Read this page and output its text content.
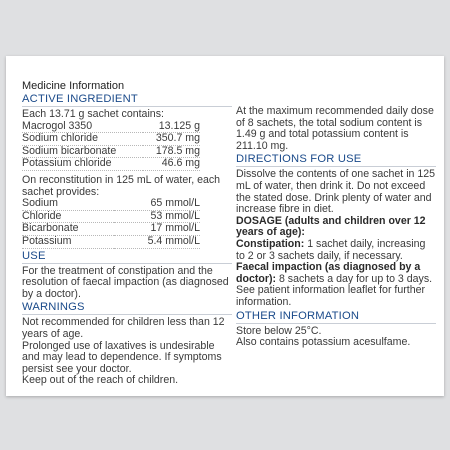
Medicine Information

ACTIVE INGREDIENT

Each 13.71 g sachet contains:

Macrogol 3350	13.125 g
Sodium chloride	350.7 mg
Sodium bicarbonate	178.5 mg
Potassium chloride	46.6 mg

On reconstitution in 125 mL of water, each sachet provides:

Sodium	65 mmol/L
Chloride	53 mmol/L
Bicarbonate	17 mmol/L
Potassium	5.4 mmol/L
USE

For the treatment of constipation and the resolution of faecal impaction (as diagnosed by a doctor).

WARNINGS

Not recommended for children less than 12 years of age.

Prolonged use of laxatives is undesirable and may lead to dependence. If symptoms persist see your doctor.

Keep out of the reach of children.

At the maximum recommended daily dose of 8 sachets, the total sodium content is 1.49 g and total potassium content is 211.10 mg.

DIRECTIONS FOR USE

Dissolve the contents of one sachet in 125 mL of water, then drink it. Do not exceed the stated dose. Drink plenty of water and increase fibre in diet.

DOSAGE (adults and children over 12 years of age):

Constipation: 1 sachet daily, increasing to 2 or 3 sachets daily, if necessary.

Faecal impaction (as diagnosed by a doctor): 8 sachets a day for up to 3 days. See patient information leaflet for further information.

OTHER INFORMATION

Store below 25°C.

Also contains potassium acesulfame.
